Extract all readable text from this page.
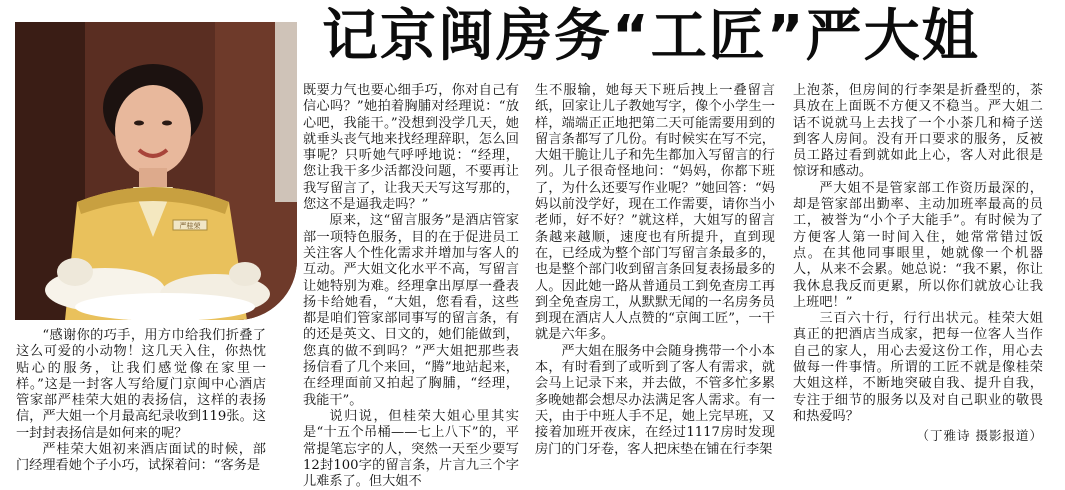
记京闽房务“工匠”严大姐
严桂荣

“感谢你的巧手，用方巾给我们折叠了这么可爱的小动物！这几天入住，你热忱贴心的服务，让我们感觉像在家里一样。”这是一封客人写给厦门京闽中心酒店管家部严桂荣大姐的表扬信，这样的表扬信，严大姐一个月最高纪录收到119张。这一封封表扬信是如何来的呢？

严桂荣大姐初来酒店面试的时候，部门经理看她个子小巧，试探着问：“客务是

既要力气也要心细手巧，你对自己有信心吗？”她拍着胸脯对经理说：“放心吧，我能干。”没想到没学几天，她就垂头丧气地来找经理辞职，怎么回事呢？只听她气呼呼地说：“经理，您让我干多少活都没问题，不要再让我写留言了，让我天天写这写那的，您这不是逼我走吗？”

原来，这“留言服务”是酒店管家部一项特色服务，目的在于促进员工关注客人个性化需求并增加与客人的互动。严大姐文化水平不高，写留言让她特别为难。经理拿出厚厚一叠表扬卡给她看，“大姐，您看看，这些都是咱们管家部同事写的留言条，有的还是英文、日文的，她们能做到，您真的做不到吗？”严大姐把那些表扬信看了几个来回，“腾”地站起来，在经理面前又拍起了胸脯，“经理，我能干”。

说归说，但桂荣大姐心里其实是“十五个吊桶——七上八下”的，平常提笔忘字的人，突然一天至少要写12封100字的留言条，片言九三个字儿难系了。但大姐不

生不服输，她每天下班后拽上一叠留言纸，回家让儿子教她写字，像个小学生一样，端端正正地把第二天可能需要用到的留言条都写了几份。有时候实在写不完，大姐干脆让儿子和先生都加入写留言的行列。儿子很奇怪地问：“妈妈，你都下班了，为什么还要写作业呢？”她回答：“妈妈以前没学好，现在工作需要，请你当小老师，好不好？”就这样，大姐写的留言条越来越顺，速度也有所提升，直到现在，已经成为整个部门写留言条最多的，也是整个部门收到留言条回复表扬最多的人。因此她一路从普通员工到免查房工再到全免查房工，从默默无闻的一名房务员到现在酒店人人点赞的“京闽工匠”，一干就是六年多。

严大姐在服务中会随身携带一个小本本，有时看到了或听到了客人有需求，就会马上记录下来，并去做，不管多忙多累多晚她都会想尽办法满足客人需求。有一天，由于中班人手不足，她上完早班，又接着加班开夜床，在经过1117房时发现房门的门牙卷，客人把床垫在铺在行李架

上泡茶，但房间的行李架是折叠型的，茶具放在上面既不方便又不稳当。严大姐二话不说就马上去找了一个小茶几和椅子送到客人房间。没有开口要求的服务，反被员工路过看到就如此上心，客人对此很是惊讶和感动。

严大姐不是管家部工作资历最深的，却是管家部出勤率、主动加班率最高的员工，被誉为“小个子大能手”。有时候为了方便客人第一时间入住，她常常错过饭点。在其他同事眼里，她就像一个机器人，从来不会累。她总说：“我不累，你让我休息我反而更累，所以你们就放心让我上班吧！”

三百六十行，行行出状元。桂荣大姐真正的把酒店当成家，把每一位客人当作自己的家人，用心去爱这份工作，用心去做每一件事情。所谓的工匠不就是像桂荣大姐这样，不断地突破自我、提升自我，专注于细节的服务以及对自己职业的敬畏和热爱吗？

（丁雅诗 摄影报道）
